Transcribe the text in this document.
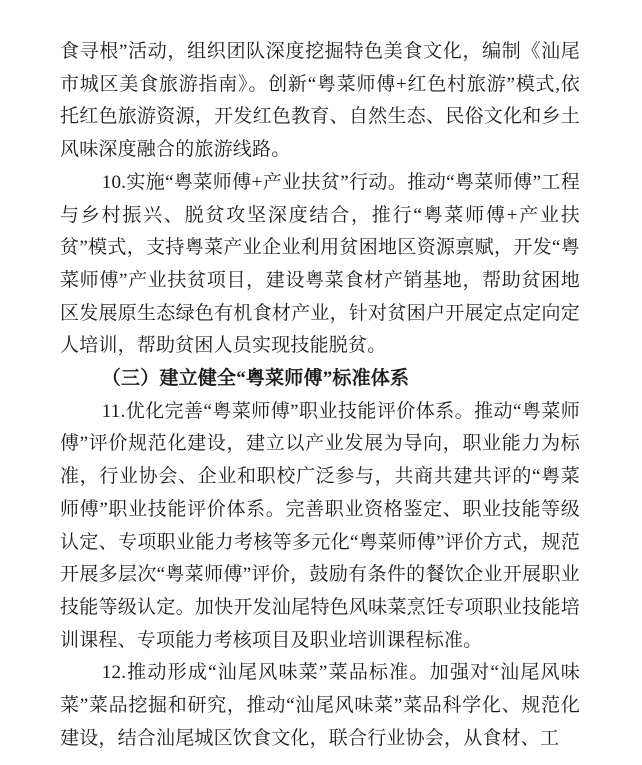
食寻根”活动，组织团队深度挖掘特色美食文化，编制《汕尾市城区美食旅游指南》。创新“粤菜师傅+红色村旅游”模式,依托红色旅游资源，开发红色教育、自然生态、民俗文化和乡土风味深度融合的旅游线路。

10.实施“粤菜师傅+产业扶贫”行动。推动“粤菜师傅”工程与乡村振兴、脱贫攻坚深度结合，推行“粤菜师傅+产业扶贫”模式，支持粤菜产业企业利用贫困地区资源禀赋，开发“粤菜师傅”产业扶贫项目，建设粤菜食材产销基地，帮助贫困地区发展原生态绿色有机食材产业，针对贫困户开展定点定向定人培训，帮助贫困人员实现技能脱贫。

（三）建立健全“粤菜师傅”标准体系

11.优化完善“粤菜师傅”职业技能评价体系。推动“粤菜师傅”评价规范化建设，建立以产业发展为导向，职业能力为标准，行业协会、企业和职校广泛参与，共商共建共评的“粤菜师傅”职业技能评价体系。完善职业资格鉴定、职业技能等级认定、专项职业能力考核等多元化“粤菜师傅”评价方式，规范开展多层次“粤菜师傅”评价，鼓励有条件的餐饮企业开展职业技能等级认定。加快开发汕尾特色风味菜烹饪专项职业技能培训课程、专项能力考核项目及职业培训课程标准。

12.推动形成“汕尾风味菜”菜品标准。加强对“汕尾风味菜”菜品挖掘和研究，推动“汕尾风味菜”菜品科学化、规范化建设，结合汕尾城区饮食文化，联合行业协会，从食材、工
